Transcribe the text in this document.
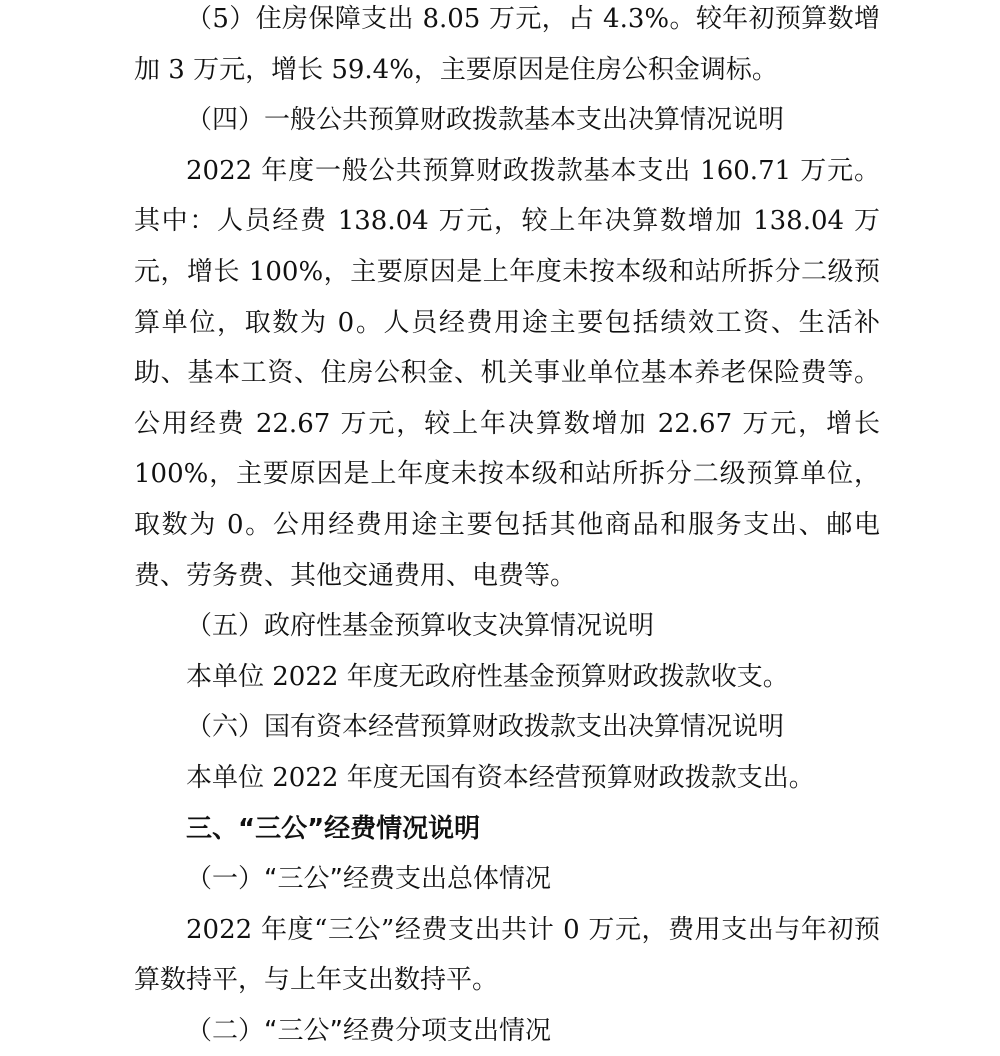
（5）住房保障支出 8.05 万元，占 4.3%。较年初预算数增加 3 万元，增长 59.4%，主要原因是住房公积金调标。

（四）一般公共预算财政拨款基本支出决算情况说明

2022 年度一般公共预算财政拨款基本支出 160.71 万元。其中：人员经费 138.04 万元，较上年决算数增加 138.04 万元，增长 100%，主要原因是上年度未按本级和站所拆分二级预算单位，取数为 0。人员经费用途主要包括绩效工资、生活补助、基本工资、住房公积金、机关事业单位基本养老保险费等。公用经费 22.67 万元，较上年决算数增加 22.67 万元，增长 100%，主要原因是上年度未按本级和站所拆分二级预算单位，取数为 0。公用经费用途主要包括其他商品和服务支出、邮电费、劳务费、其他交通费用、电费等。

（五）政府性基金预算收支决算情况说明

本单位 2022 年度无政府性基金预算财政拨款收支。

（六）国有资本经营预算财政拨款支出决算情况说明

本单位 2022 年度无国有资本经营预算财政拨款支出。

三、“三公”经费情况说明

（一）“三公”经费支出总体情况

2022 年度“三公”经费支出共计 0 万元，费用支出与年初预算数持平，与上年支出数持平。

（二）“三公”经费分项支出情况
